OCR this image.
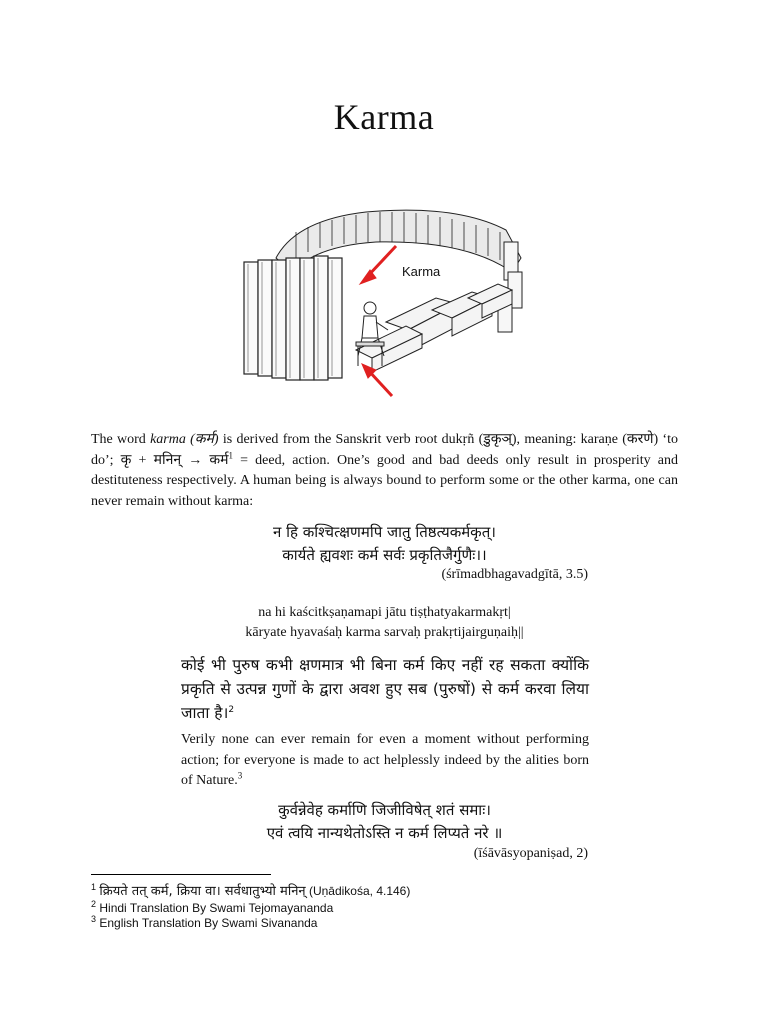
Karma
Karma
The word karma (कर्म) is derived from the Sanskrit verb root dukṛñ (डुकृञ्), meaning: karaṇe (करणे) ‘to do’; कृ + मनिन् → कर्म$^1$ = deed, action. One’s good and bad deeds only result in prosperity and destituteness respectively. A human being is always bound to perform some or the other karma, one can never remain without karma:
न हि कश्चित्क्षणमपि जातु तिष्ठत्यकर्मकृत्।
कार्यते ह्यवशः कर्म सर्वः प्रकृतिजैर्गुणैः।।
(śrīmadbhagavadgītā, 3.5)
na hi kaścitkṣaṇamapi jātu tiṣṭhatyakarmakṛt|
kāryate hyavaśaḥ karma sarvaḥ prakṛtijairguṇaiḥ||
कोई भी पुरुष कभी क्षणमात्र भी बिना कर्म किए नहीं रह सकता क्योंकि प्रकृति से उत्पन्न गुणों के द्वारा अवश हुए सब (पुरुषों) से कर्म करवा लिया जाता है।$^2$
Verily none can ever remain for even a moment without performing action; for everyone is made to act helplessly indeed by the alities born of Nature.$^3$
कुर्वन्नेवेह कर्माणि जिजीविषेत् शतं समाः।
एवं त्वयि नान्यथेतोऽस्ति न कर्म लिप्यते नरे ॥
(īśāvāsyopaniṣad, 2)
$^1$ क्रियते तत् कर्म, क्रिया वा। सर्वधातुभ्यो मनिन् (Uṇādikośa, 4.146)
$^2$ Hindi Translation By Swami Tejomayananda
$^3$ English Translation By Swami Sivananda
